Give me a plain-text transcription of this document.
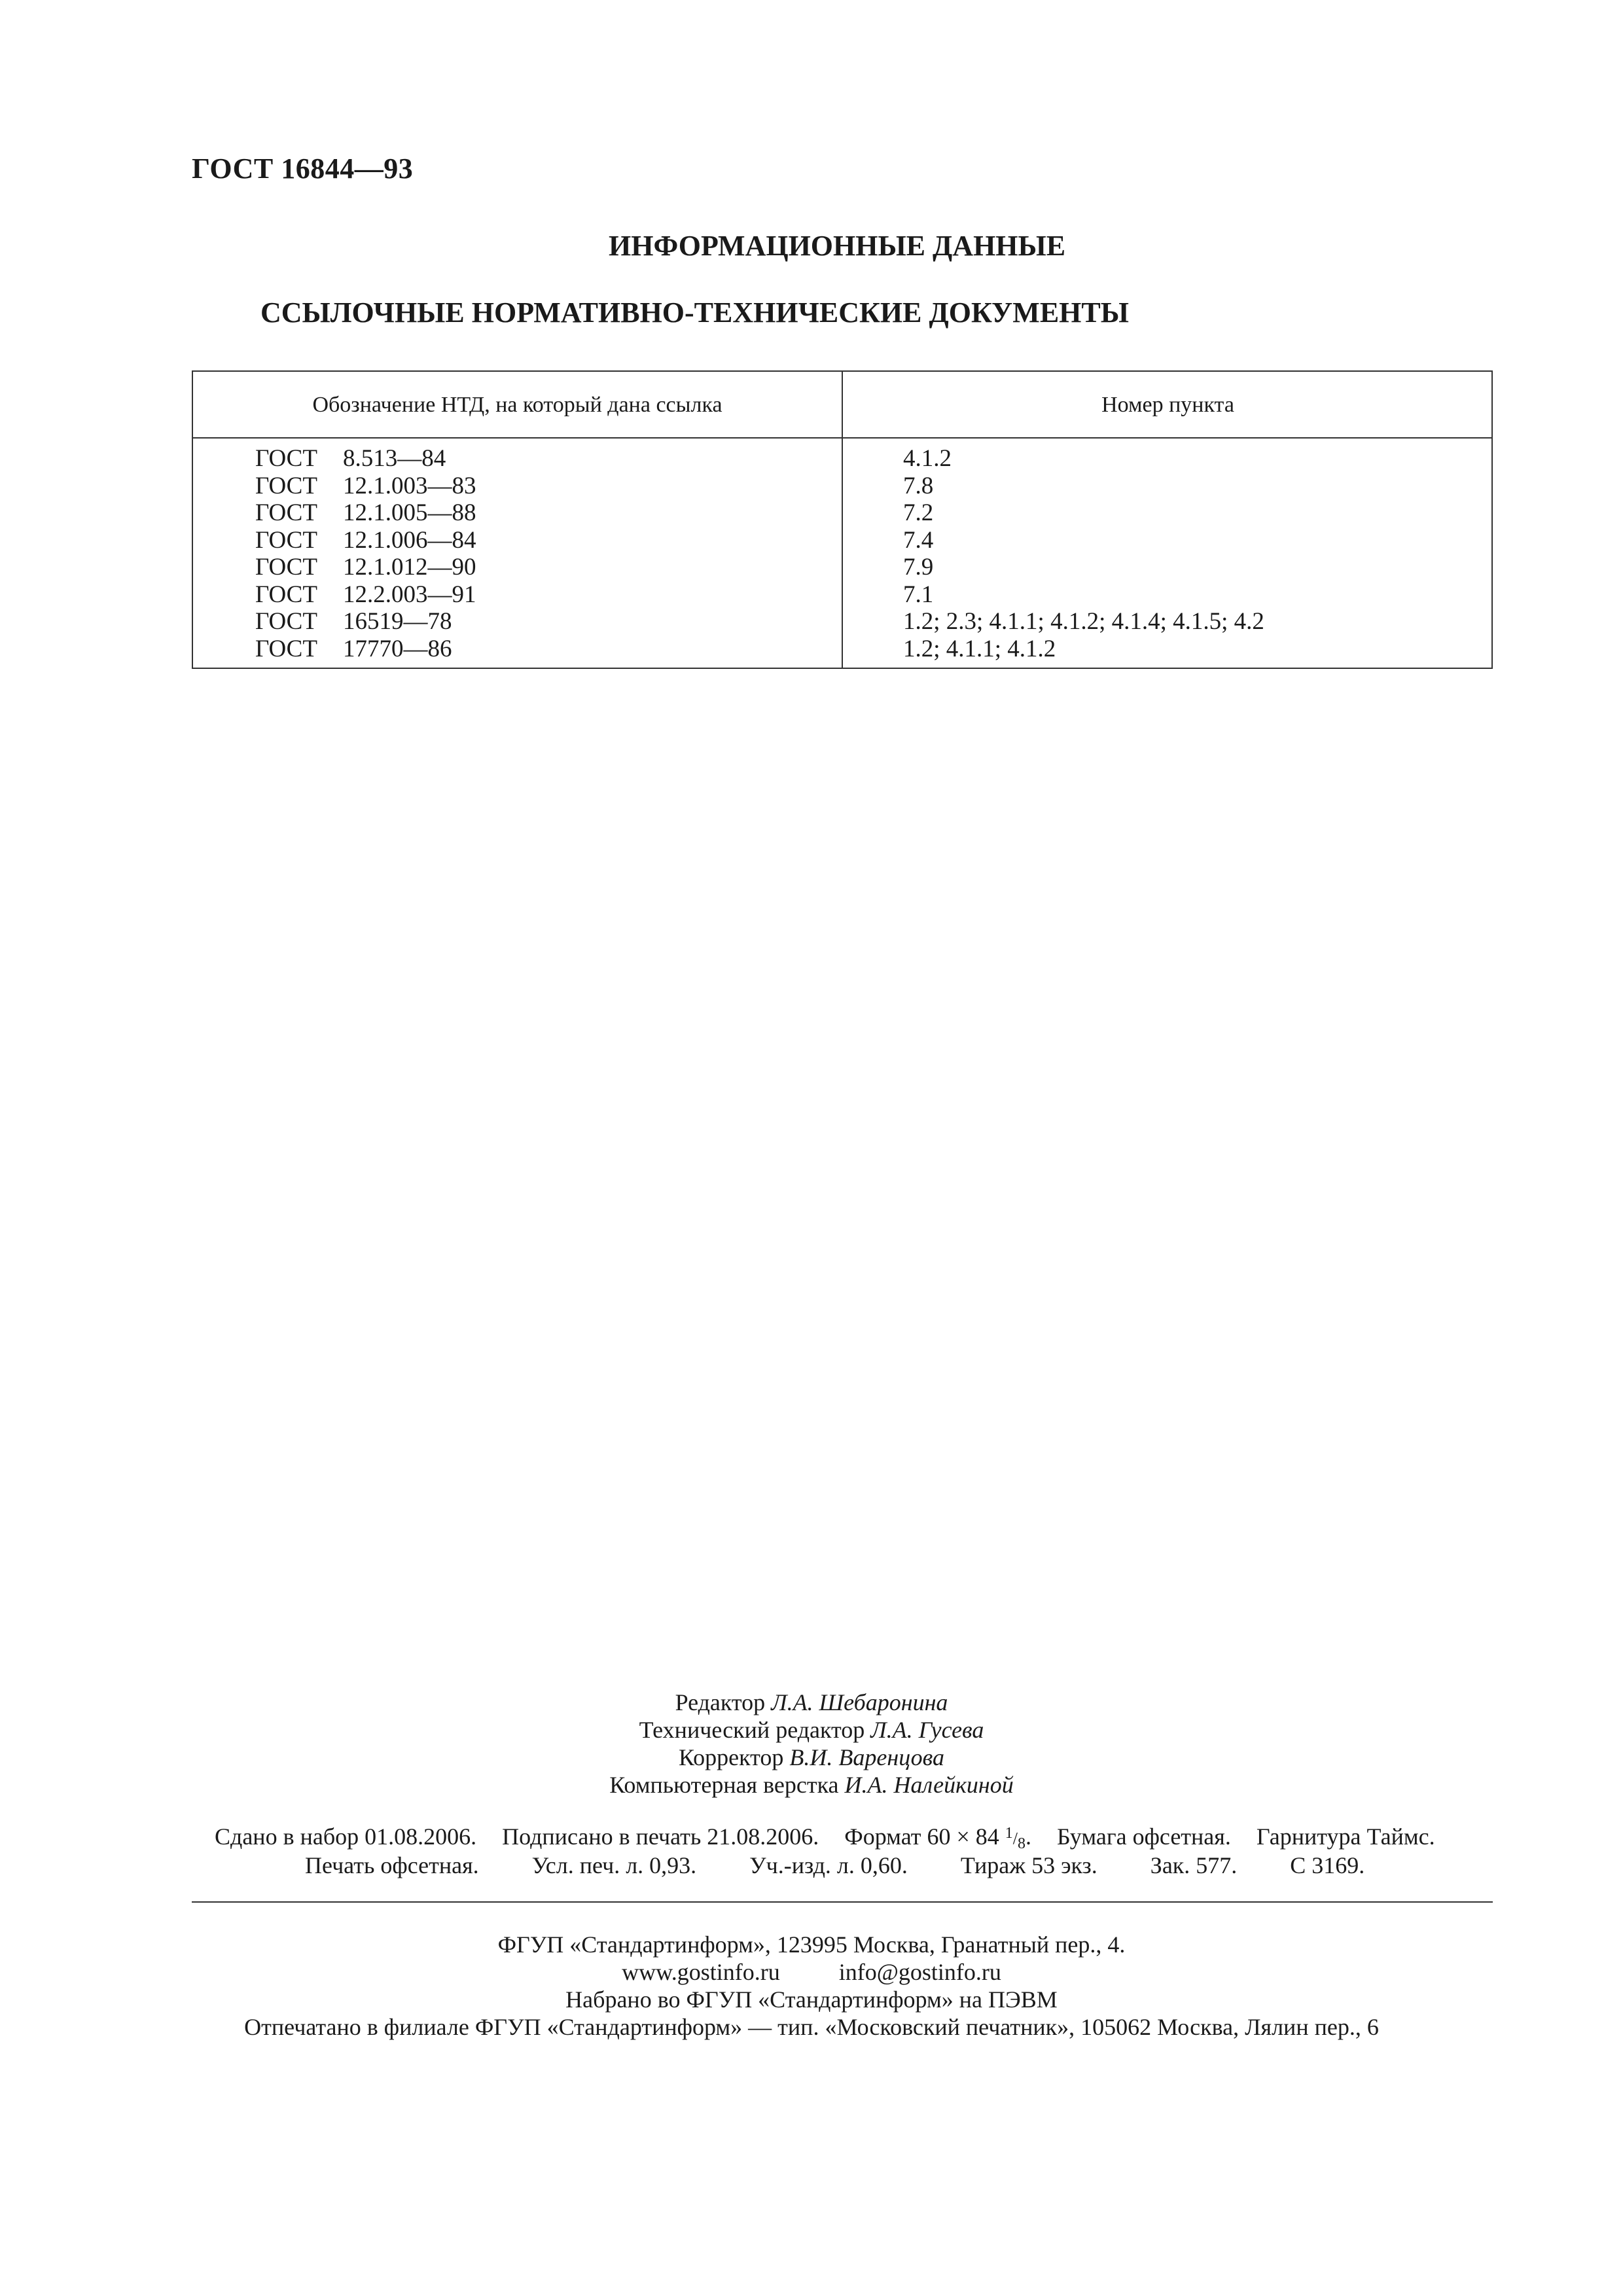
ГОСТ 16844—93
ИНФОРМАЦИОННЫЕ ДАННЫЕ
ССЫЛОЧНЫЕ НОРМАТИВНО-ТЕХНИЧЕСКИЕ ДОКУМЕНТЫ
Обозначение НТД, на который дана ссылка	Номер пункта
ГОСТ 8.513—84	4.1.2
ГОСТ 12.1.003—83	7.8
ГОСТ 12.1.005—88	7.2
ГОСТ 12.1.006—84	7.4
ГОСТ 12.1.012—90	7.9
ГОСТ 12.2.003—91	7.1
ГОСТ 16519—78	1.2; 2.3; 4.1.1; 4.1.2; 4.1.4; 4.1.5; 4.2
ГОСТ 17770—86	1.2; 4.1.1; 4.1.2
Редактор Л.А. Шебаронина
Технический редактор Л.А. Гусева
Корректор В.И. Варенцова
Компьютерная верстка И.А. Налейкиной
Сдано в набор 01.08.2006. Подписано в печать 21.08.2006. Формат 60 × 84 $^1/_8$. Бумага офсетная. Гарнитура Таймс.
Печать офсетная. Усл. печ. л. 0,93. Уч.-изд. л. 0,60. Тираж 53 экз. Зак. 577. С 3169.
ФГУП «Стандартинформ», 123995 Москва, Гранатный пер., 4.
www.gostinfo.ru	info@gostinfo.ru
Набрано во ФГУП «Стандартинформ» на ПЭВМ
Отпечатано в филиале ФГУП «Стандартинформ» — тип. «Московский печатник», 105062 Москва, Лялин пер., 6
